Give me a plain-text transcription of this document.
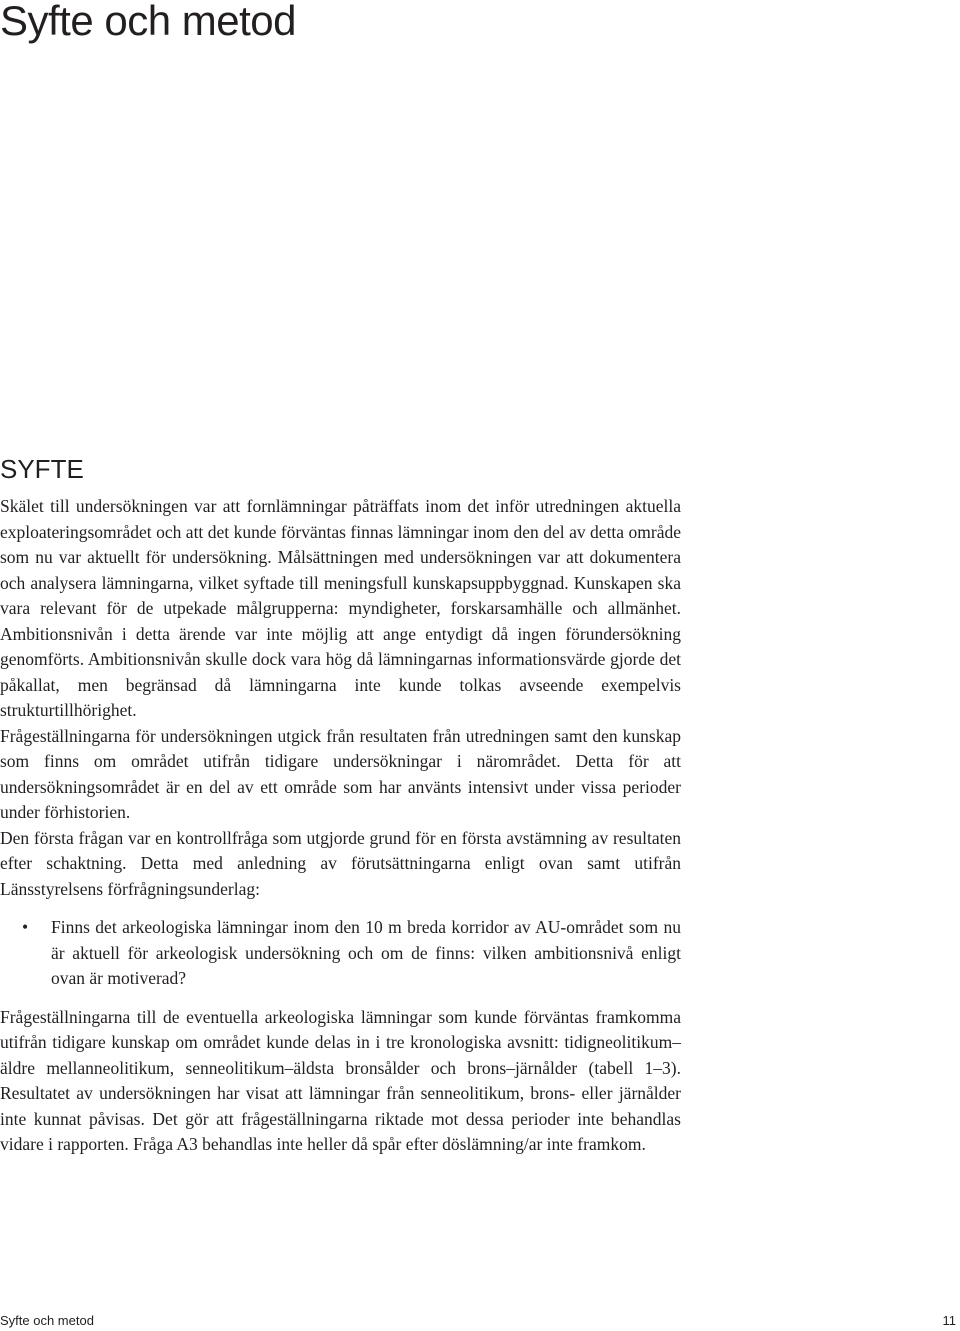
Syfte och metod
SYFTE

Skälet till undersökningen var att fornlämningar påträffats inom det inför utredningen aktuella exploateringsområdet och att det kunde förväntas finnas lämningar inom den del av detta område som nu var aktuellt för undersökning. Målsättningen med undersökningen var att dokumentera och analysera lämningarna, vilket syftade till meningsfull kunskapsuppbyggnad. Kunskapen ska vara relevant för de utpekade målgrupperna: myndigheter, forskarsamhälle och allmänhet. Ambitionsnivån i detta ärende var inte möjlig att ange entydigt då ingen förundersökning genomförts. Ambitionsnivån skulle dock vara hög då lämningarnas informationsvärde gjorde det påkallat, men begränsad då lämningarna inte kunde tolkas avseende exempelvis strukturtillhörighet.

Frågeställningarna för undersökningen utgick från resultaten från utredningen samt den kunskap som finns om området utifrån tidigare undersökningar i närområdet. Detta för att undersökningsområdet är en del av ett område som har använts intensivt under vissa perioder under förhistorien.

Den första frågan var en kontrollfråga som utgjorde grund för en första avstämning av resultaten efter schaktning. Detta med anledning av förutsättningarna enligt ovan samt utifrån Länsstyrelsens förfrågningsunderlag:

• Finns det arkeologiska lämningar inom den 10 m breda korridor av AU-området som nu är aktuell för arkeologisk undersökning och om de finns: vilken ambitionsnivå enligt ovan är motiverad?

Frågeställningarna till de eventuella arkeologiska lämningar som kunde förväntas framkomma utifrån tidigare kunskap om området kunde delas in i tre kronologiska avsnitt: tidigneolitikum–äldre mellanneolitikum, senneolitikum–äldsta bronsålder och brons–järnålder (tabell 1–3). Resultatet av undersökningen har visat att lämningar från senneolitikum, brons- eller järnålder inte kunnat påvisas. Det gör att frågeställningarna riktade mot dessa perioder inte behandlas vidare i rapporten. Fråga A3 behandlas inte heller då spår efter döslämning/ar inte framkom.

Syfte och metod	11
